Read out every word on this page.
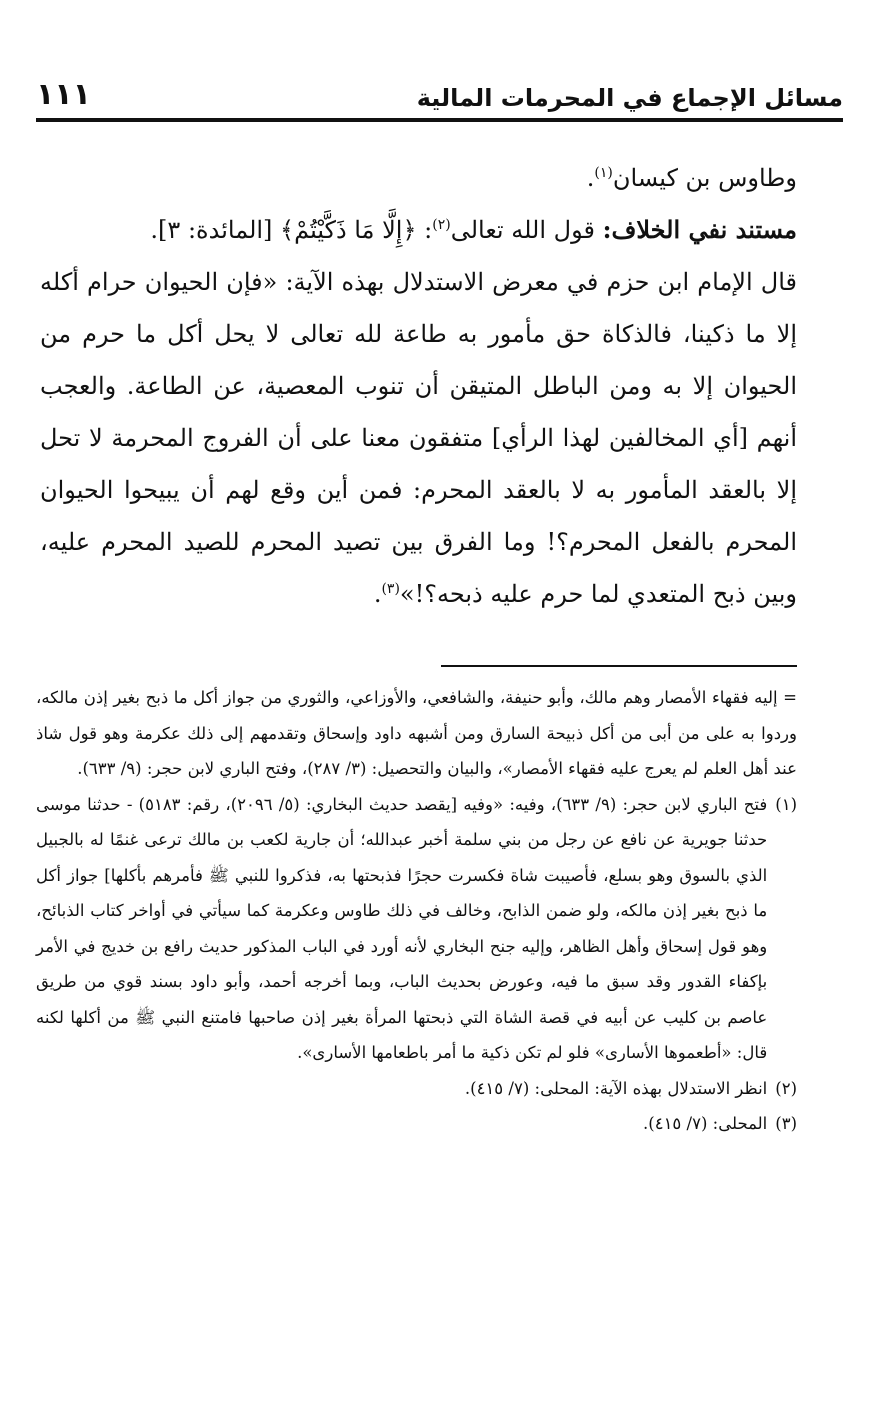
مسائل الإجماع في المحرمات المالية
١١١

وطاوس بن كيسان$^{(١)}$.

مستند نفي الخلاف: قول الله تعالى$^{(٢)}$: ﴿إِلَّا مَا ذَكَّيْتُمْ﴾ [المائدة: ٣].

قال الإمام ابن حزم في معرض الاستدلال بهذه الآية: «فإن الحيوان حرام أكله إلا ما ذكينا، فالذكاة حق مأمور به طاعة لله تعالى لا يحل أكل ما حرم من الحيوان إلا به ومن الباطل المتيقن أن تنوب المعصية، عن الطاعة. والعجب أنهم [أي المخالفين لهذا الرأي] متفقون معنا على أن الفروج المحرمة لا تحل إلا بالعقد المأمور به لا بالعقد المحرم: فمن أين وقع لهم أن يبيحوا الحيوان المحرم بالفعل المحرم؟! وما الفرق بين تصيد المحرم للصيد المحرم عليه، وبين ذبح المتعدي لما حرم عليه ذبحه؟!»$^{(٣)}$.

= إليه فقهاء الأمصار وهم مالك، وأبو حنيفة، والشافعي، والأوزاعي، والثوري من جواز أكل ما ذبح بغير إذن مالكه، وردوا به على من أبى من أكل ذبيحة السارق ومن أشبهه داود وإسحاق وتقدمهم إلى ذلك عكرمة وهو قول شاذ عند أهل العلم لم يعرج عليه فقهاء الأمصار»، والبيان والتحصيل: (٣/ ٢٨٧)، وفتح الباري لابن حجر: (٩/ ٦٣٣).

(١)
فتح الباري لابن حجر: (٩/ ٦٣٣)، وفيه: «وفيه [يقصد حديث البخاري: (٥/ ٢٠٩٦)، رقم: ٥١٨٣) - حدثنا موسى حدثنا جويرية عن نافع عن رجل من بني سلمة أخبر عبدالله؛ أن جارية لكعب بن مالك ترعى غنمًا له بالجبيل الذي بالسوق وهو بسلع، فأصيبت شاة فكسرت حجرًا فذبحتها به، فذكروا للنبي ﷺ فأمرهم بأكلها] جواز أكل ما ذبح بغير إذن مالكه، ولو ضمن الذابح، وخالف في ذلك طاوس وعكرمة كما سيأتي في أواخر كتاب الذبائح، وهو قول إسحاق وأهل الظاهر، وإليه جنح البخاري لأنه أورد في الباب المذكور حديث رافع بن خديج في الأمر بإكفاء القدور وقد سبق ما فيه، وعورض بحديث الباب، وبما أخرجه أحمد، وأبو داود بسند قوي من طريق عاصم بن كليب عن أبيه في قصة الشاة التي ذبحتها المرأة بغير إذن صاحبها فامتنع النبي ﷺ من أكلها لكنه قال: «أطعموها الأسارى» فلو لم تكن ذكية ما أمر باطعامها الأسارى».
(٢)
انظر الاستدلال بهذه الآية: المحلى: (٧/ ٤١٥).
(٣)
المحلى: (٧/ ٤١٥).
